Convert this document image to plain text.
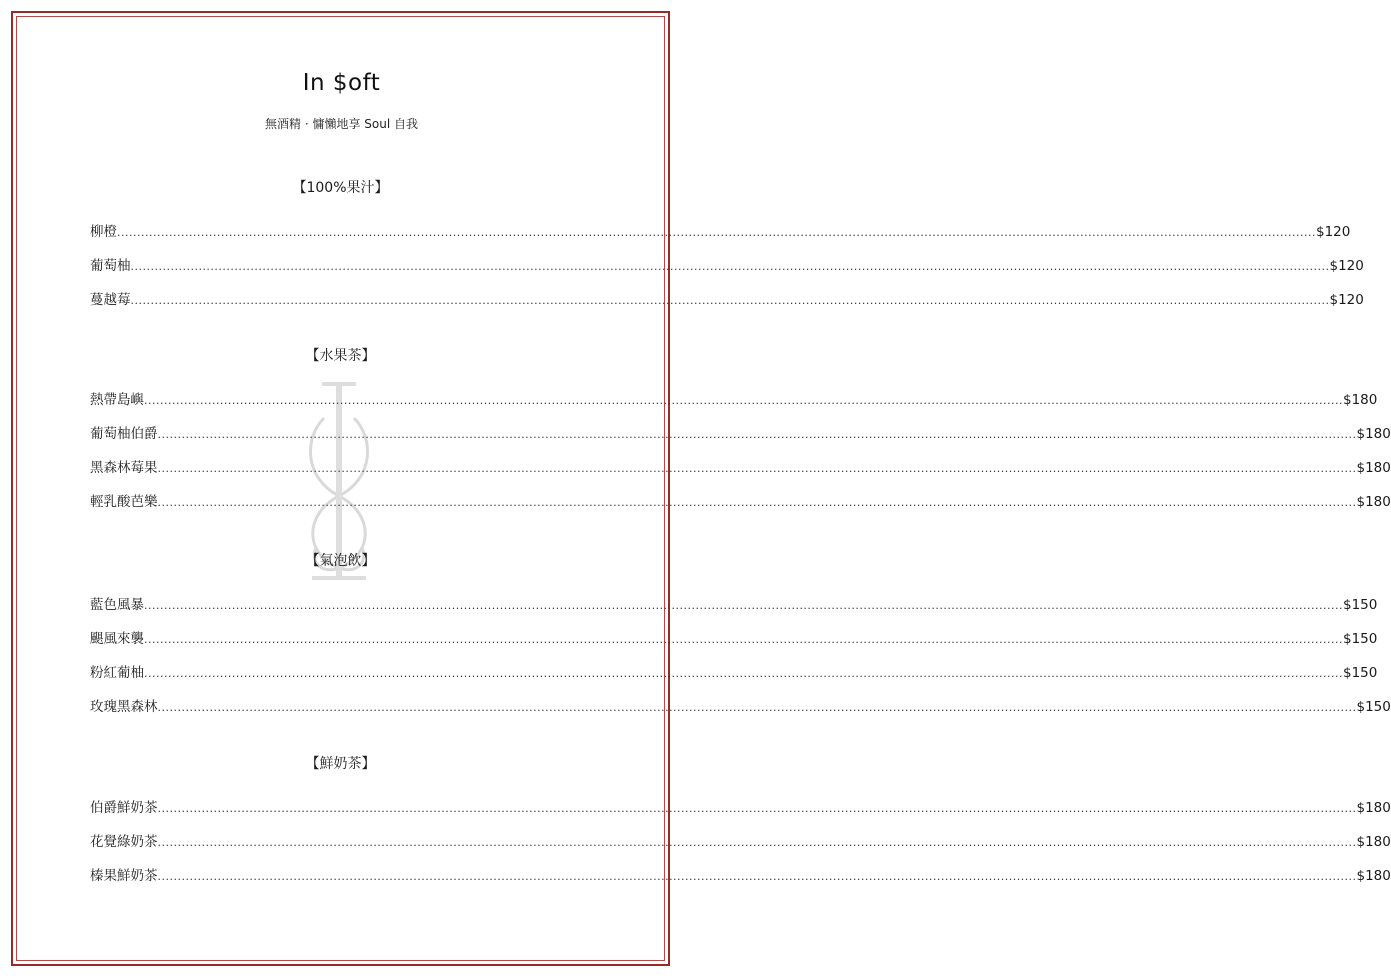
In $oft
無酒精 · 慵懶地享 Soul 自我
【100%果汁】
柳橙 ............................................................................................................................................................................................................................................................................................................ $120
葡萄柚 ............................................................................................................................................................................................................................................................................................................ $120
蔓越莓 ............................................................................................................................................................................................................................................................................................................ $120
【水果茶】
熱帶島嶼 ............................................................................................................................................................................................................................................................................................................ $180
葡萄柚伯爵 ............................................................................................................................................................................................................................................................................................................ $180
黑森林莓果 ............................................................................................................................................................................................................................................................................................................ $180
輕乳酸芭樂 ............................................................................................................................................................................................................................................................................................................ $180
【氣泡飲】
藍色風暴 ............................................................................................................................................................................................................................................................................................................ $150
颶風來襲 ............................................................................................................................................................................................................................................................................................................ $150
粉紅葡柚 ............................................................................................................................................................................................................................................................................................................ $150
玫瑰黑森林 ............................................................................................................................................................................................................................................................................................................ $150
【鮮奶茶】
伯爵鮮奶茶 ............................................................................................................................................................................................................................................................................................................ $180
花覺綠奶茶 ............................................................................................................................................................................................................................................................................................................ $180
榛果鮮奶茶 ............................................................................................................................................................................................................................................................................................................ $180
